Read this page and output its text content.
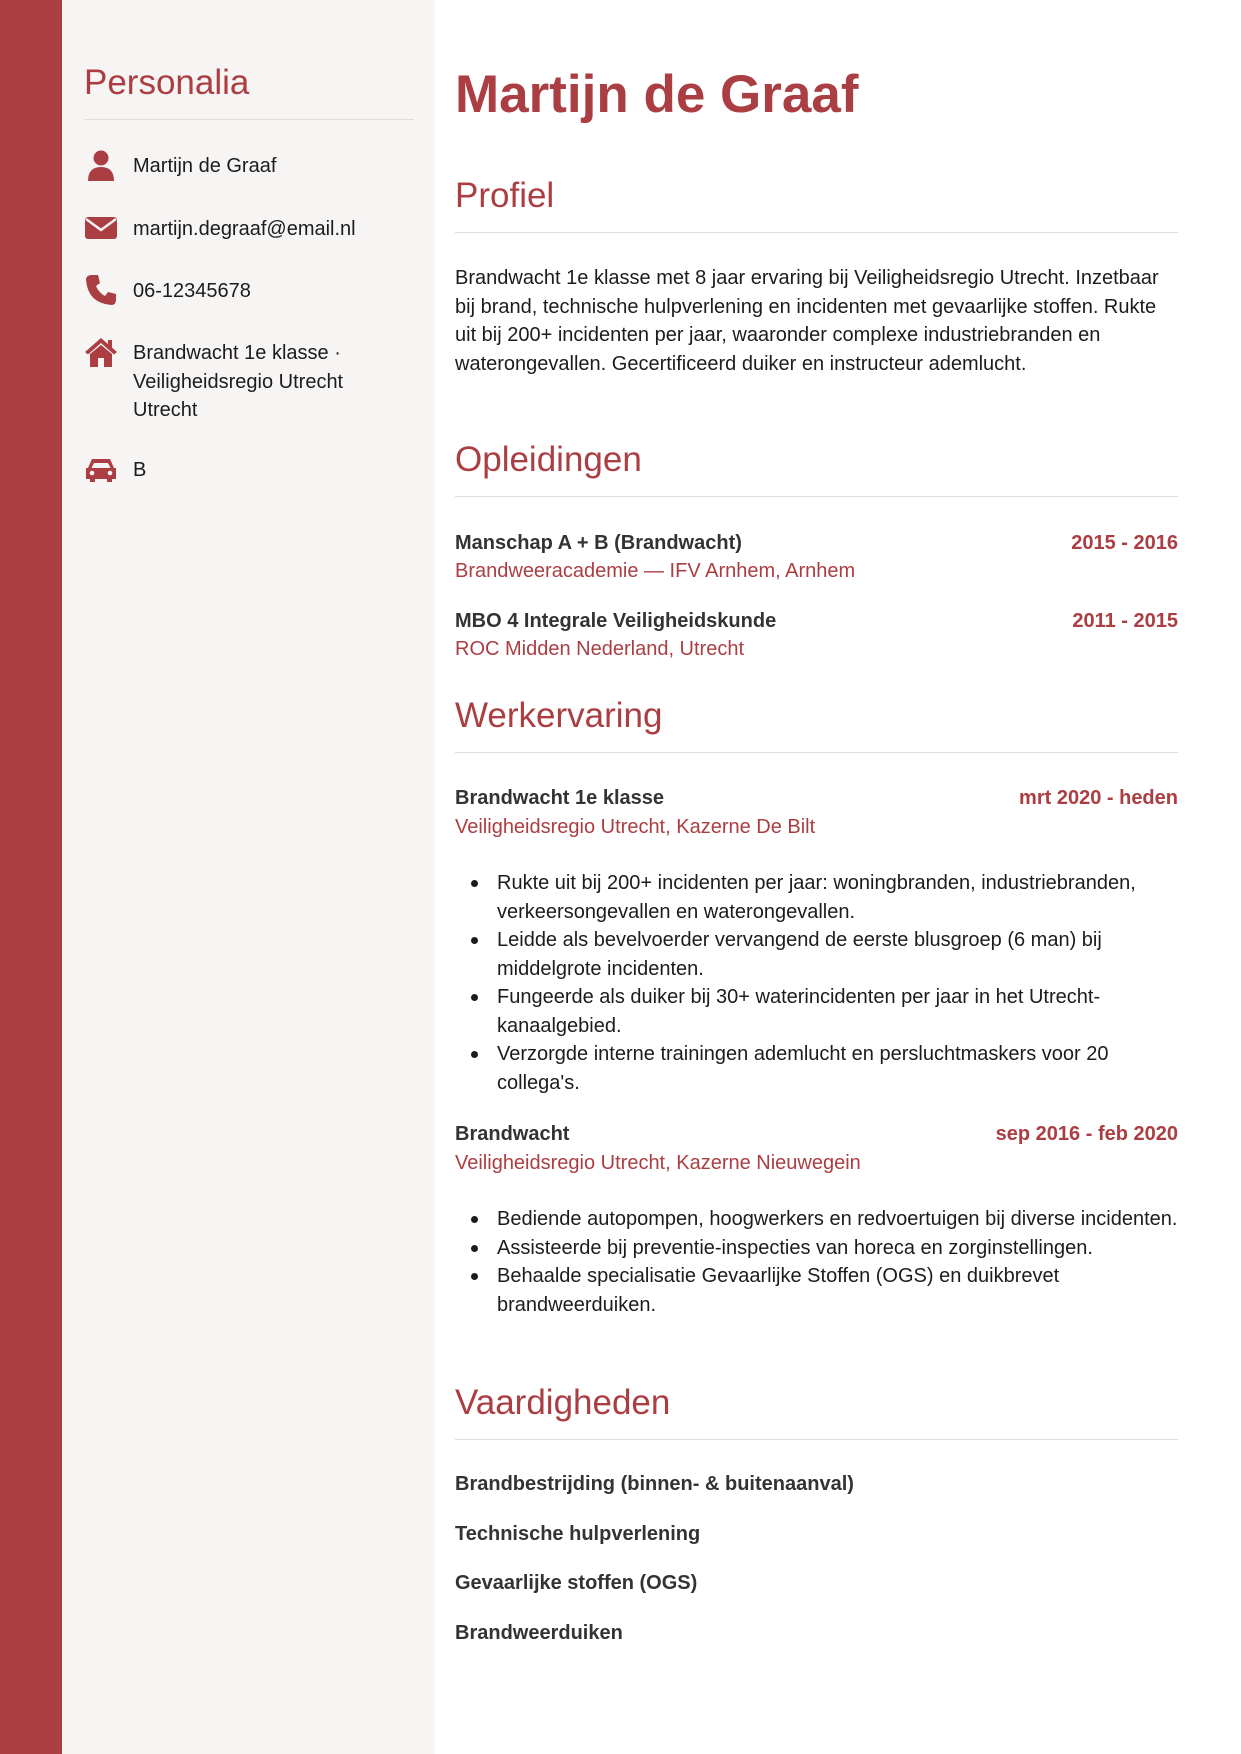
Personalia
Martijn de Graaf
martijn.degraaf@email.nl
06-12345678
Brandwacht 1e klasse · Veiligheidsregio Utrecht Utrecht
B
Martijn de Graaf
Profiel

Brandwacht 1e klasse met 8 jaar ervaring bij Veiligheidsregio Utrecht. Inzetbaar bij brand, technische hulpverlening en incidenten met gevaarlijke stoffen. Rukte uit bij 200+ incidenten per jaar, waaronder complexe industriebranden en waterongevallen. Gecertificeerd duiker en instructeur ademlucht.

Opleidingen
Manschap A + B (Brandwacht)	2015 - 2016
Brandweeracademie — IFV Arnhem, Arnhem
MBO 4 Integrale Veiligheidskunde	2011 - 2015
ROC Midden Nederland, Utrecht
Werkervaring
Brandwacht 1e klasse	mrt 2020 - heden
Veiligheidsregio Utrecht, Kazerne De Bilt
Rukte uit bij 200+ incidenten per jaar: woningbranden, industriebranden, verkeersongevallen en waterongevallen.
Leidde als bevelvoerder vervangend de eerste blusgroep (6 man) bij middelgrote incidenten.
Fungeerde als duiker bij 30+ waterincidenten per jaar in het Utrecht-kanaalgebied.
Verzorgde interne trainingen ademlucht en persluchtmaskers voor 20 collega's.
Brandwacht	sep 2016 - feb 2020
Veiligheidsregio Utrecht, Kazerne Nieuwegein
Bediende autopompen, hoogwerkers en redvoertuigen bij diverse incidenten.
Assisteerde bij preventie-inspecties van horeca en zorginstellingen.
Behaalde specialisatie Gevaarlijke Stoffen (OGS) en duikbrevet brandweerduiken.
Vaardigheden
Brandbestrijding (binnen- & buitenaanval)
Technische hulpverlening
Gevaarlijke stoffen (OGS)
Brandweerduiken
